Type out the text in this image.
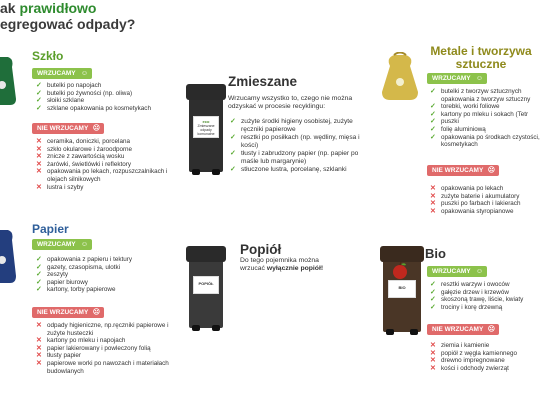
ak prawidłowo
egregować odpady?
Szkło
WRZUCAMY ☺
✓ butelki po napojach
✓ butelki po żywności (np. oliwa)
✓ słoiki szklane
✓ szklane opakowania po kosmetykach
NIE WRZUCAMY ☹
✕ ceramika, doniczki, porcelana
✕ szkło okularowe i żaroodporne
✕ znicze z zawartością wosku
✕ żarówki, świetlówki i reflektory
✕ opakowania po lekach, rozpuszczalnikach i olejach silnikowych
✕ lustra i szyby
Papier
WRZUCAMY ☺
✓ opakowania z papieru i tektury
✓ gazety, czasopisma, ulotki
✓ zeszyty
✓ papier biurowy
✓ kartony, torby papierowe
NIE WRZUCAMY ☹
✕ odpady higieniczne, np.ręczniki papierowe i zużyte husteczki
✕ kartony po mleku i napojach
✕ papier lakierowany i powleczony folią
✕ tłusty papier
✕ papierowe worki po nawozach i materiałach budowlanych
eco
Zmieszane odpady komunalne
Zmieszane
Wrzucamy wszystko to, czego nie można odzyskać w procesie recyklingu:
✓ zużyte środki higieny osobistej, zużyte ręczniki papierowe
✓ resztki po posiłkach (np. wędliny, mięsa i kości)
✓ tłusty i zabrudzony papier (np. papier po maśle lub margarynie)
✓ stłuczone lustra, porcelanę, szklanki
POPIÓŁ
Popiół
Do tego pojemnika można
wrzucać wyłącznie popiół!
Metale i tworzywa
sztuczne
WRZUCAMY ☺
✓ butelki z tworzyw sztucznych opakowania z tworzyw sztuczny
✓ torebki, worki foliowe
✓ kartony po mleku i sokach (Tetr
✓ puszki
✓ folię aluminiową
✓ opakowania po środkach czystości, kosmetykach
NIE WRZUCAMY ☹
✕ opakowania po lekach
✕ zużyte baterie i akumulatory
✕ puszki po farbach i lakierach
✕ opakowania styropianowe
BIO
Bio
WRZUCAMY ☺
✓ resztki warzyw i owoców
✓ gałęzie drzew i krzewów
✓ skoszoną trawę, liście, kwiaty
✓ trociny i korę drzewną
NIE WRZUCAMY ☹
✕ ziemia i kamienie
✕ popiół z węgla kamiennego
✕ drewno impregnowane
✕ kości i odchody zwierząt
